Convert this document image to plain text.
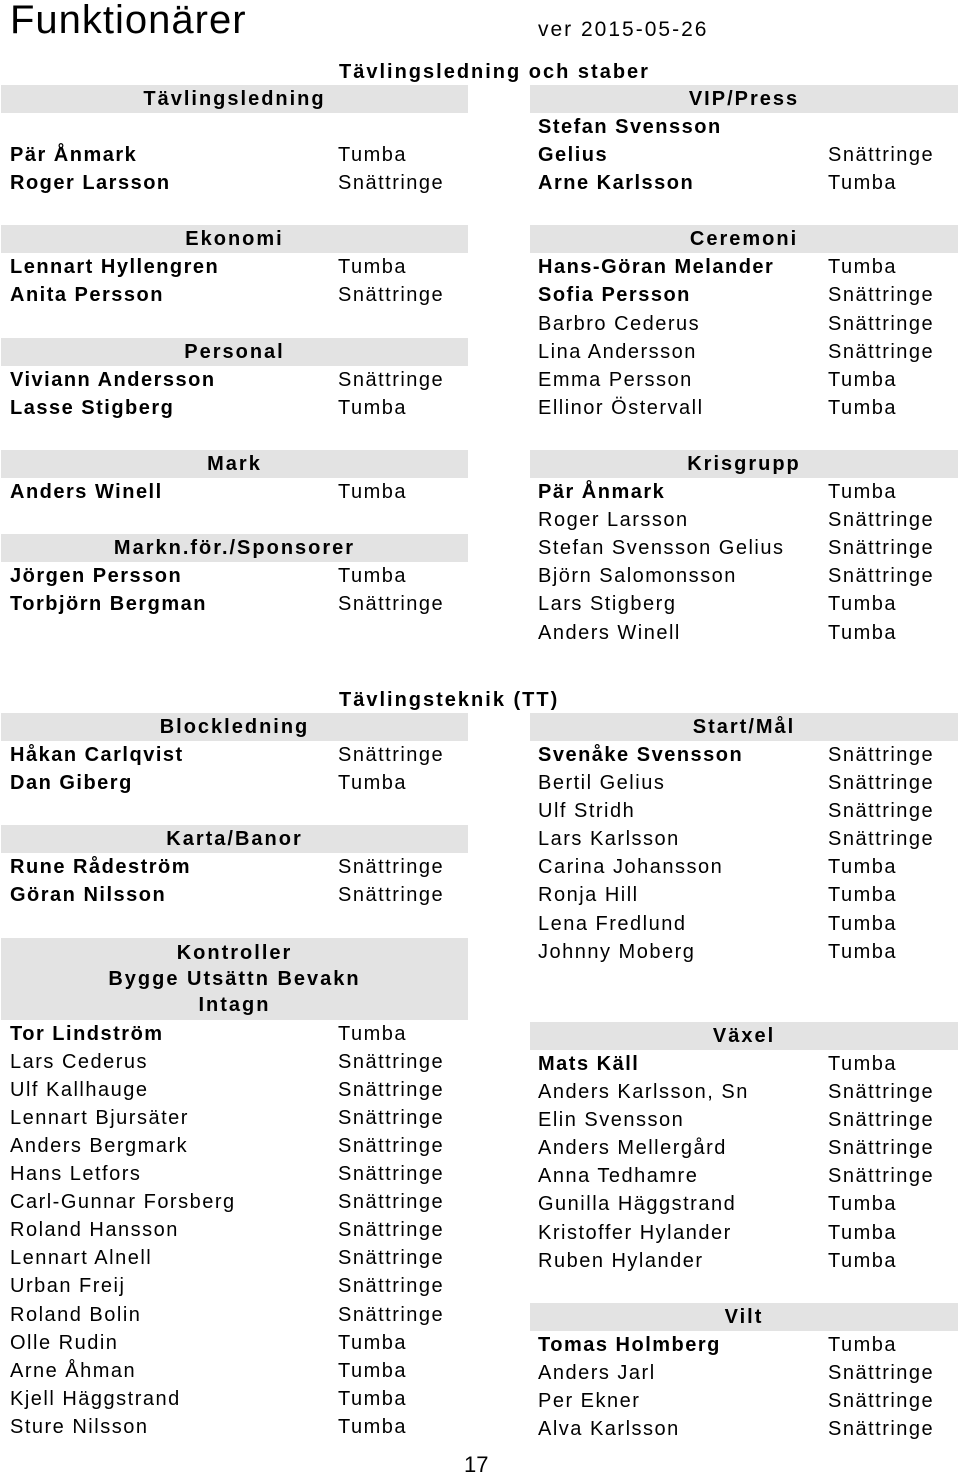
Funktionärer	ver 2015-05-26
Tävlingsledning och staber
Tävlingsteknik (TT)
Tävlingsledning
Pär Ånmark	Tumba
Roger Larsson	Snättringe
Ekonomi
Lennart Hyllengren	Tumba
Anita Persson	Snättringe
Personal
Viviann Andersson	Snättringe
Lasse Stigberg	Tumba
Mark
Anders Winell	Tumba
Markn.för./Sponsorer
Jörgen Persson	Tumba
Torbjörn Bergman	Snättringe
VIP/Press
Stefan Svensson
Gelius	Snättringe
Arne Karlsson	Tumba
Ceremoni
Hans-Göran Melander	Tumba
Sofia Persson	Snättringe
Barbro Cederus	Snättringe
Lina Andersson	Snättringe
Emma Persson	Tumba
Ellinor Östervall	Tumba
Krisgrupp
Pär Ånmark	Tumba
Roger Larsson	Snättringe
Stefan Svensson Gelius Snättringe
Björn Salomonsson	Snättringe
Lars Stigberg	Tumba
Anders Winell	Tumba
Blockledning
Håkan Carlqvist	Snättringe
Dan Giberg	Tumba
Karta/Banor
Rune Rådeström	Snättringe
Göran Nilsson	Snättringe
Kontroller
Bygge Utsättn Bevakn
Intagn
Tor Lindström	Tumba
Lars Cederus	Snättringe
Ulf Kallhauge	Snättringe
Lennart Bjursäter	Snättringe
Anders Bergmark	Snättringe
Hans Letfors	Snättringe
Carl-Gunnar Forsberg	Snättringe
Roland Hansson	Snättringe
Lennart Alnell	Snättringe
Urban Freij	Snättringe
Roland Bolin	Snättringe
Olle Rudin	Tumba
Arne Åhman	Tumba
Kjell Häggstrand	Tumba
Sture Nilsson	Tumba
Start/Mål
Svenåke Svensson	Snättringe
Bertil Gelius	Snättringe
Ulf Stridh	Snättringe
Lars Karlsson	Snättringe
Carina Johansson	Tumba
Ronja Hill	Tumba
Lena Fredlund	Tumba
Johnny Moberg	Tumba
Växel
Mats Käll	Tumba
Anders Karlsson, Sn	Snättringe
Elin Svensson	Snättringe
Anders Mellergård	Snättringe
Anna Tedhamre	Snättringe
Gunilla Häggstrand	Tumba
Kristoffer Hylander	Tumba
Ruben Hylander	Tumba
Vilt
Tomas Holmberg	Tumba
Anders Jarl	Snättringe
Per Ekner	Snättringe
Alva Karlsson	Snättringe
17
